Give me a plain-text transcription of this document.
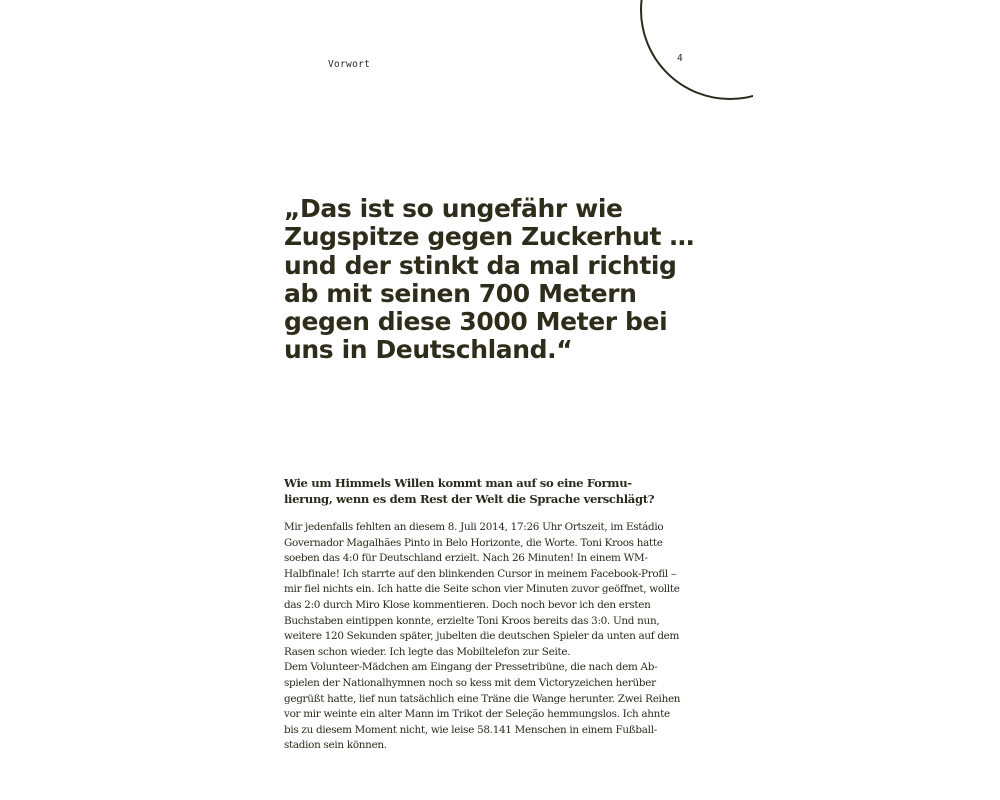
Vorwort
4
„Das ist so ungefähr wie
Zugspitze gegen Zuckerhut …
und der stinkt da mal richtig
ab mit seinen 700 Metern
gegen diese 3000 Meter bei
uns in Deutschland.“
Wie um Himmels Willen kommt man auf so eine Formu-
lierung, wenn es dem Rest der Welt die Sprache verschlägt?
Mir jedenfalls fehlten an diesem 8. Juli 2014, 17:26 Uhr Ortszeit, im Estádio
Governador Magalhães Pinto in Belo Horizonte, die Worte. Toni Kroos hatte
soeben das 4:0 für Deutschland erzielt. Nach 26 Minuten! In einem WM-
Halbfinale! Ich starrte auf den blinkenden Cursor in meinem Facebook-Profil –
mir fiel nichts ein. Ich hatte die Seite schon vier Minuten zuvor geöffnet, wollte
das 2:0 durch Miro Klose kommentieren. Doch noch bevor ich den ersten
Buchstaben eintippen konnte, erzielte Toni Kroos bereits das 3:0. Und nun,
weitere 120 Sekunden später, jubelten die deutschen Spieler da unten auf dem
Rasen schon wieder. Ich legte das Mobiltelefon zur Seite.
Dem Volunteer-Mädchen am Eingang der Pressetribüne, die nach dem Ab-
spielen der Nationalhymnen noch so kess mit dem Victoryzeichen herüber
gegrüßt hatte, lief nun tatsächlich eine Träne die Wange herunter. Zwei Reihen
vor mir weinte ein alter Mann im Trikot der Seleção hemmungslos. Ich ahnte
bis zu diesem Moment nicht, wie leise 58.141 Menschen in einem Fußball-
stadion sein können.
